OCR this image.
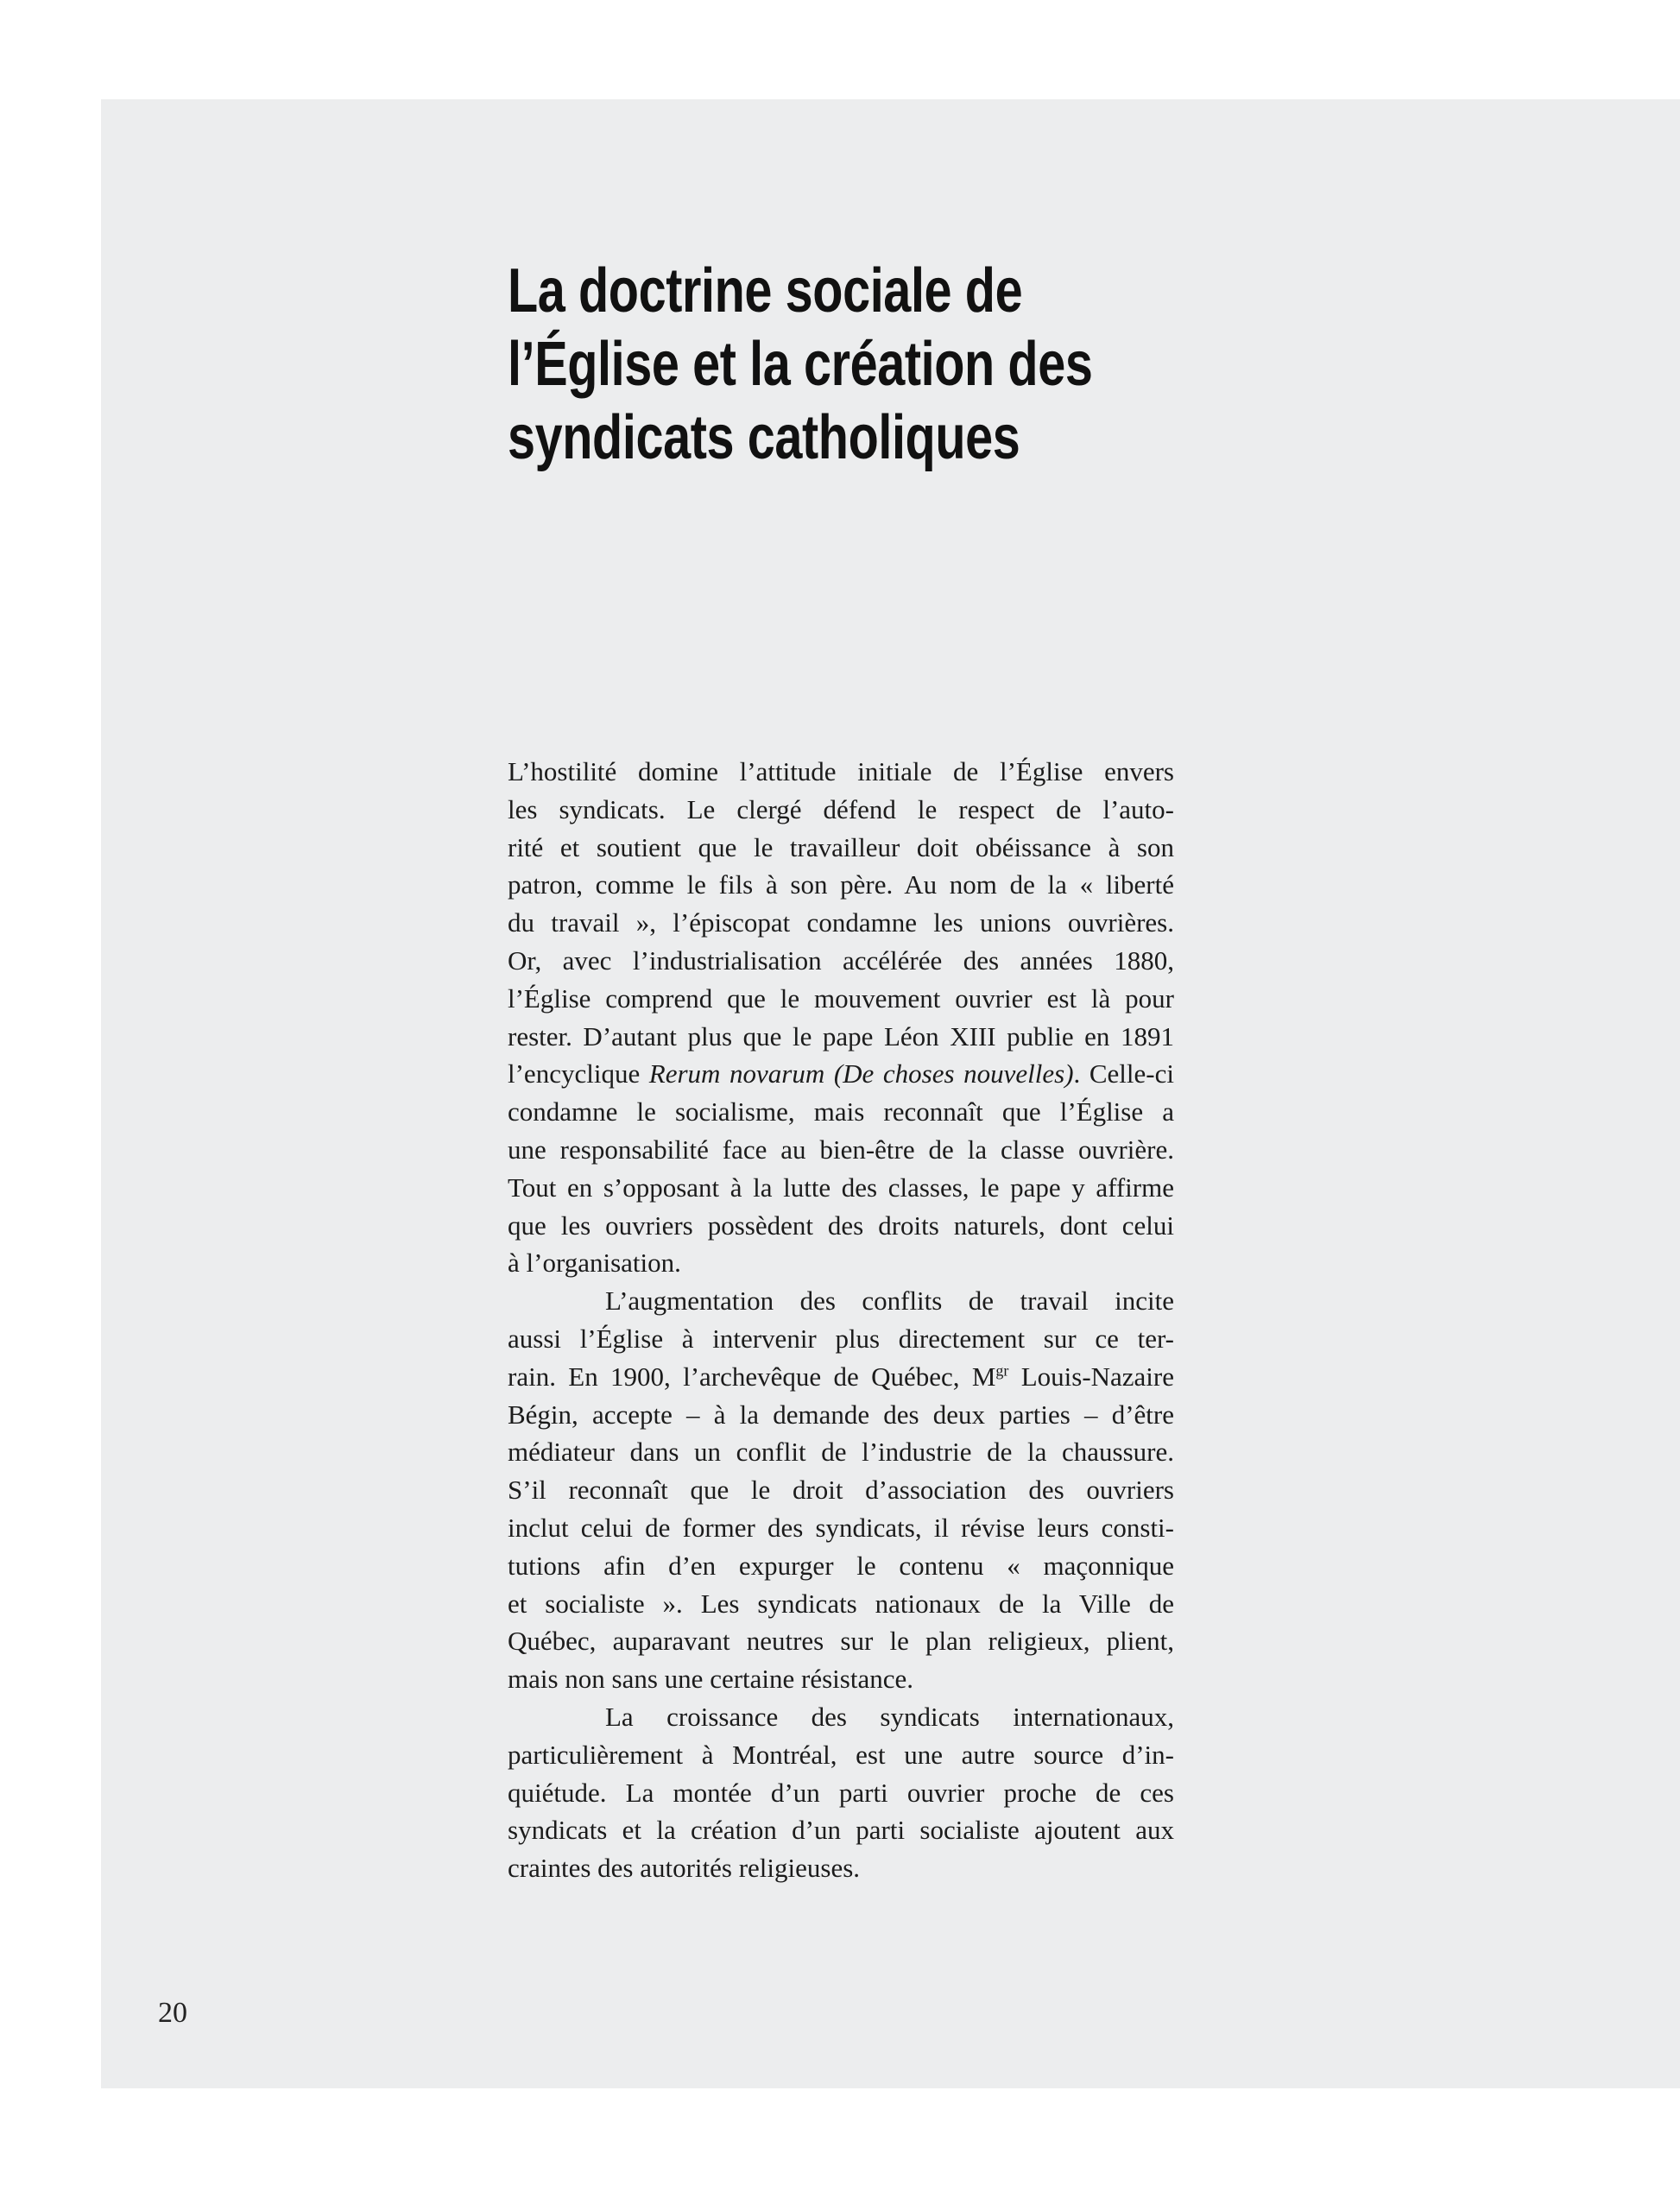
La doctrine sociale de
l’Église et la création des
syndicats catholiques
L’hostilité domine l’attitude initiale de l’Église envers
les syndicats. Le clergé défend le respect de l’auto-
rité et soutient que le travailleur doit obéissance à son
patron, comme le fils à son père. Au nom de la « liberté
du travail », l’épiscopat condamne les unions ouvrières.
Or, avec l’industrialisation accélérée des années 1880,
l’Église comprend que le mouvement ouvrier est là pour
rester. D’autant plus que le pape Léon XIII publie en 1891
l’encyclique Rerum novarum (De choses nouvelles). Celle-ci
condamne le socialisme, mais reconnaît que l’Église a
une responsabilité face au bien-être de la classe ouvrière.
Tout en s’opposant à la lutte des classes, le pape y affirme
que les ouvriers possèdent des droits naturels, dont celui
à l’organisation.
L’augmentation des conflits de travail incite
aussi l’Église à intervenir plus directement sur ce ter-
rain. En 1900, l’archevêque de Québec, $M^{gr}$ Louis-Nazaire
Bégin, accepte – à la demande des deux parties – d’être
médiateur dans un conflit de l’industrie de la chaussure.
S’il reconnaît que le droit d’association des ouvriers
inclut celui de former des syndicats, il révise leurs consti-
tutions afin d’en expurger le contenu « maçonnique
et socialiste ». Les syndicats nationaux de la Ville de
Québec, auparavant neutres sur le plan religieux, plient,
mais non sans une certaine résistance.
La croissance des syndicats internationaux,
particulièrement à Montréal, est une autre source d’in-
quiétude. La montée d’un parti ouvrier proche de ces
syndicats et la création d’un parti socialiste ajoutent aux
craintes des autorités religieuses.
20
